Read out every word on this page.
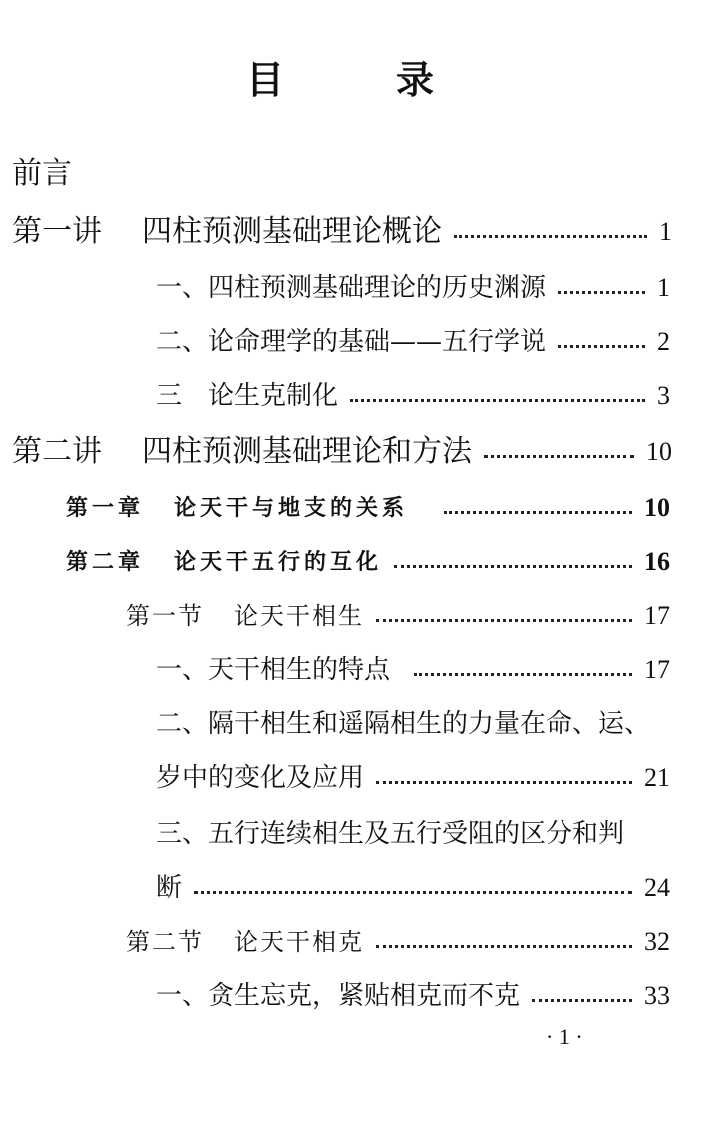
目	录
前言
第一讲 四柱预测基础理论概论	1
一、四柱预测基础理论的历史渊源	1
二、论命理学的基础——五行学说	2
三　论生克制化	3
第二讲 四柱预测基础理论和方法	10
第一章 论天干与地支的关系	10
第二章 论天干五行的互化	16
第一节 论天干相生	17
一、天干相生的特点	17
二、隔干相生和遥隔相生的力量在命、运、
岁中的变化及应用	21
三、五行连续相生及五行受阻的区分和判
断	24
第二节 论天干相克	32
一、贪生忘克，紧贴相克而不克	33
· 1 ·
